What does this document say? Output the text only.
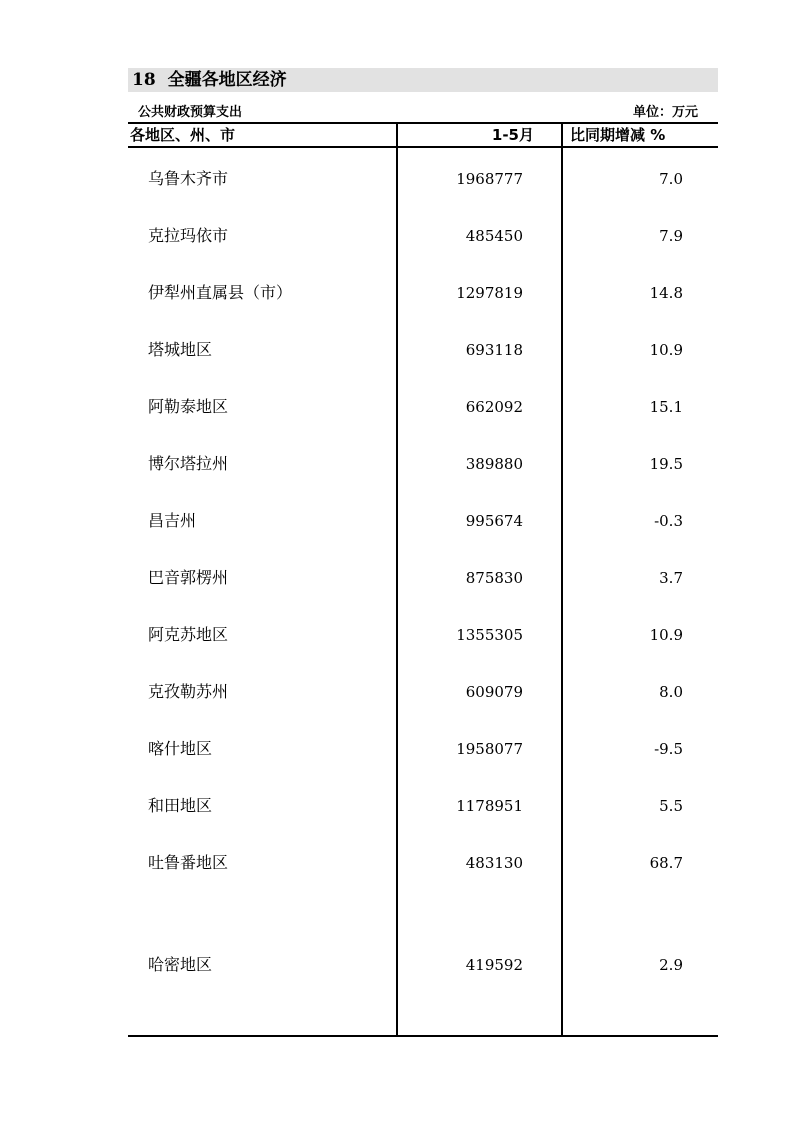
18 全疆各地区经济
公共财政预算支出	单位：万元
各地区、州、市	1-5月 比同期增减 %
乌鲁木齐市	1968777	7.0
克拉玛依市	485450	7.9
伊犁州直属县（市）	1297819	14.8
塔城地区	693118	10.9
阿勒泰地区	662092	15.1
博尔塔拉州	389880	19.5
昌吉州	995674	-0.3
巴音郭楞州	875830	3.7
阿克苏地区	1355305	10.9
克孜勒苏州	609079	8.0
喀什地区	1958077	-9.5
和田地区	1178951	5.5
吐鲁番地区	483130	68.7
哈密地区	419592	2.9
